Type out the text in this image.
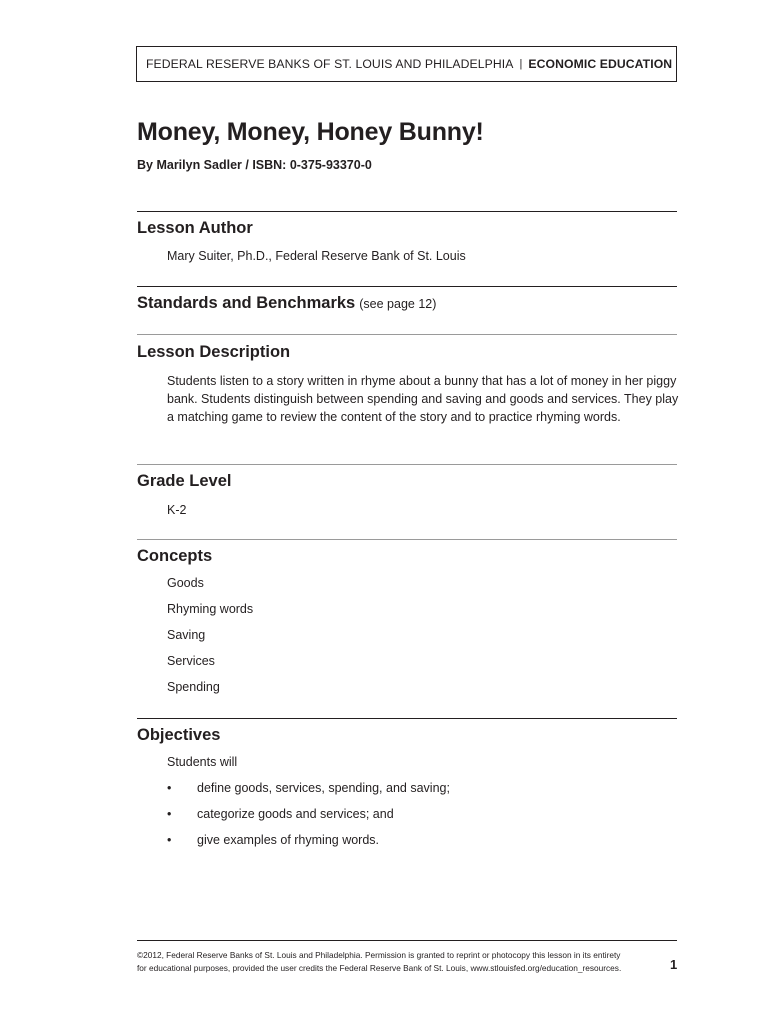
FEDERAL RESERVE BANKS OF ST. LOUIS AND PHILADELPHIA | ECONOMIC EDUCATION
Money, Money, Honey Bunny!

By Marilyn Sadler / ISBN: 0-375-93370-0

Lesson Author

Mary Suiter, Ph.D., Federal Reserve Bank of St. Louis

Standards and Benchmarks (see page 12)
Lesson Description

Students listen to a story written in rhyme about a bunny that has a lot of money in her piggy bank. Students distinguish between spending and saving and goods and services. They play a matching game to review the content of the story and to practice rhyming words.

Grade Level

K-2

Concepts

Goods

Rhyming words

Saving

Services

Spending

Objectives

Students will

• define goods, services, spending, and saving;
• categorize goods and services; and
• give examples of rhyming words.
©2012, Federal Reserve Banks of St. Louis and Philadelphia. Permission is granted to reprint or photocopy this lesson in its entirety
for educational purposes, provided the user credits the Federal Reserve Bank of St. Louis, www.stlouisfed.org/education_resources.	1
